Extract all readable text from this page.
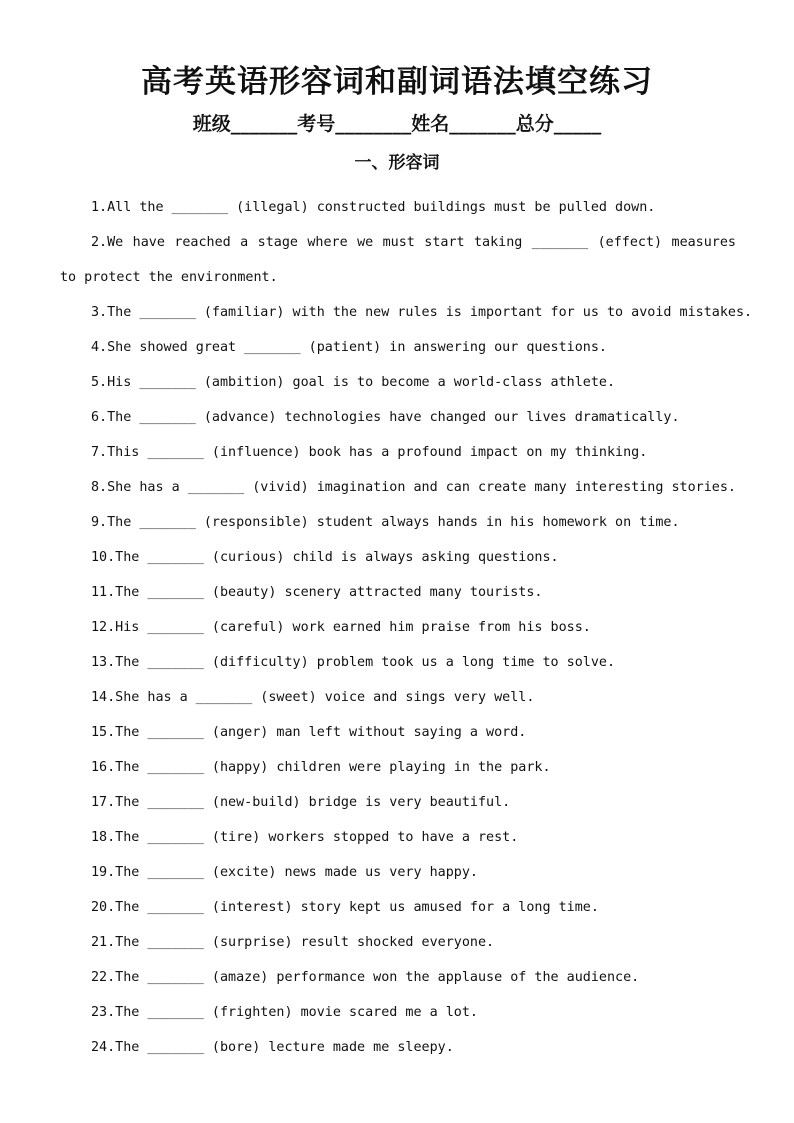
高考英语形容词和副词语法填空练习
班级_______考号________姓名_______总分_____
一、形容词
1.All the _______ (illegal) constructed buildings must be pulled down.
2.We have reached a stage where we must start taking _______ (effect) measures to protect the environment.
3.The _______ (familiar) with the new rules is important for us to avoid mistakes.
4.She showed great _______ (patient) in answering our questions.
5.His _______ (ambition) goal is to become a world-class athlete.
6.The _______ (advance) technologies have changed our lives dramatically.
7.This _______ (influence) book has a profound impact on my thinking.
8.She has a _______ (vivid) imagination and can create many interesting stories.
9.The _______ (responsible) student always hands in his homework on time.
10.The _______ (curious) child is always asking questions.
11.The _______ (beauty) scenery attracted many tourists.
12.His _______ (careful) work earned him praise from his boss.
13.The _______ (difficulty) problem took us a long time to solve.
14.She has a _______ (sweet) voice and sings very well.
15.The _______ (anger) man left without saying a word.
16.The _______ (happy) children were playing in the park.
17.The _______ (new-build) bridge is very beautiful.
18.The _______ (tire) workers stopped to have a rest.
19.The _______ (excite) news made us very happy.
20.The _______ (interest) story kept us amused for a long time.
21.The _______ (surprise) result shocked everyone.
22.The _______ (amaze) performance won the applause of the audience.
23.The _______ (frighten) movie scared me a lot.
24.The _______ (bore) lecture made me sleepy.
